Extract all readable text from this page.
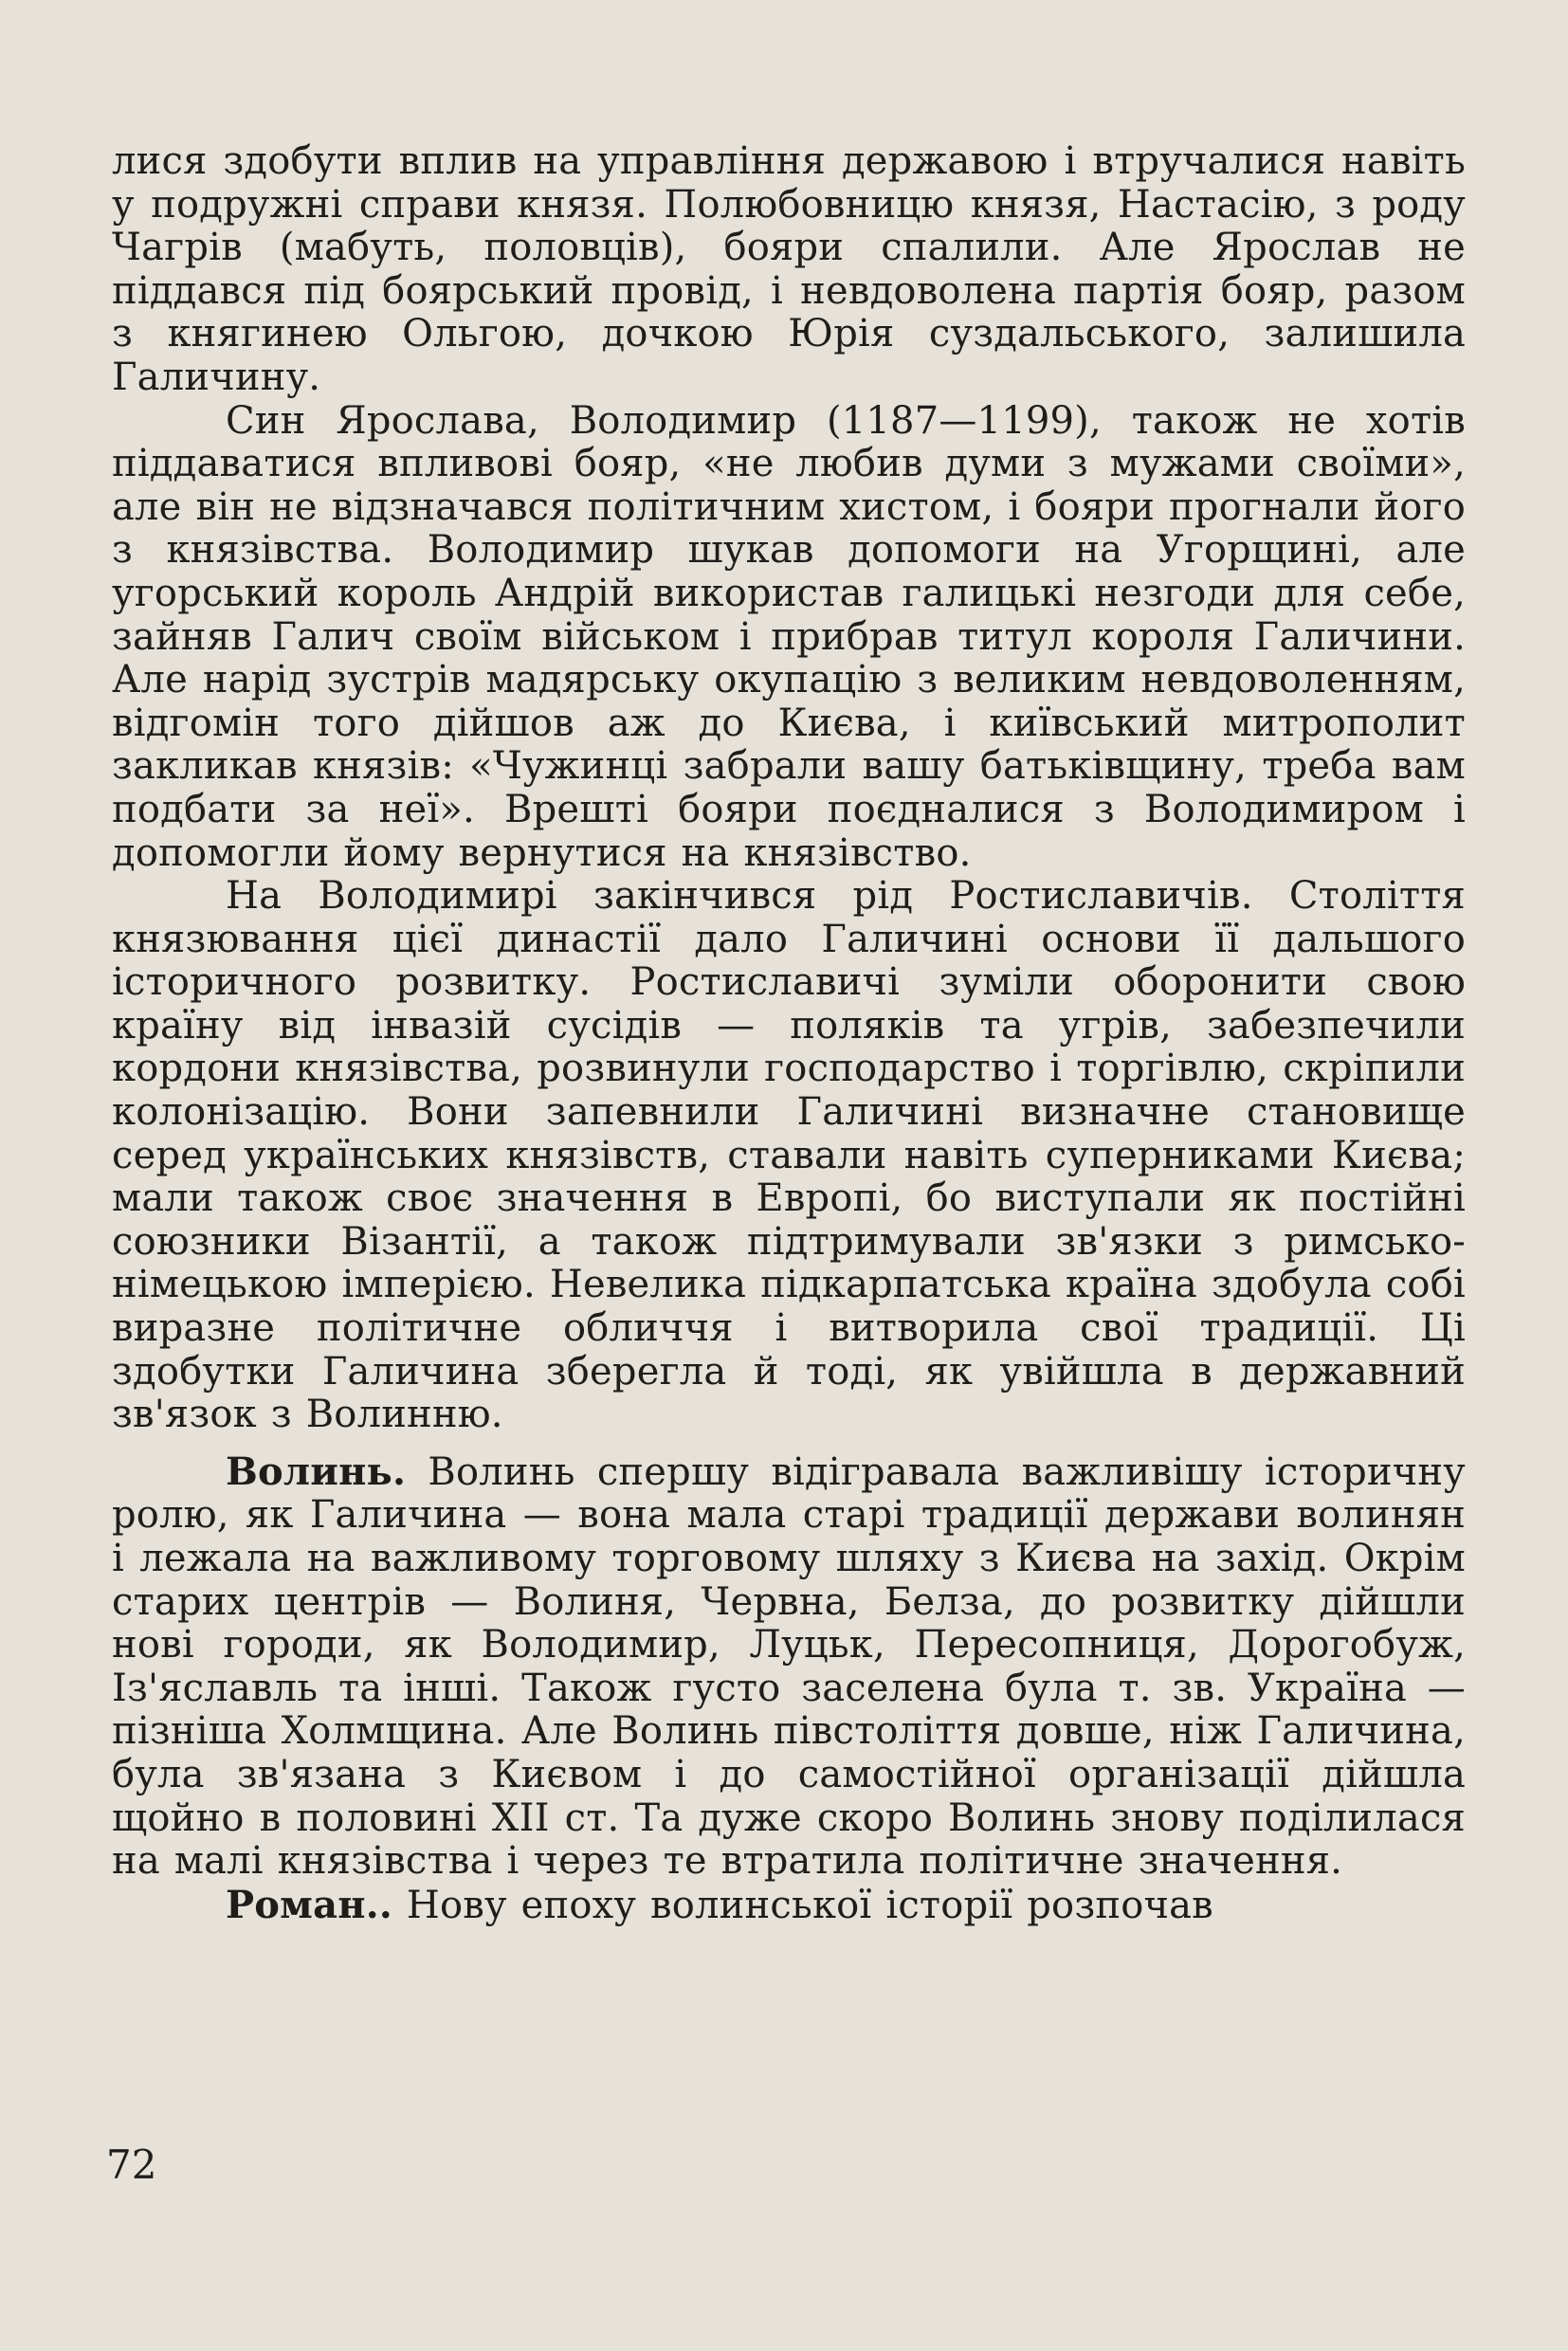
лися здобути вплив на управління державою і втручалися навіть у подружні справи князя. Полюбовницю князя, Настасію, з роду Чагрів (мабуть, половців), бояри спалили. Але Ярослав не піддався під боярський провід, і невдоволена партія бояр, разом з княгинею Ольгою, дочкою Юрія суздальського, залишила Галичину.

Син Ярослава, Володимир (1187—1199), також не хотів піддаватися впливові бояр, «не любив думи з мужами своїми», але він не відзначався політичним хистом, і бояри прогнали його з князівства. Володимир шукав допомоги на Угорщині, але угорський король Андрій використав галицькі незгоди для себе, зайняв Галич своїм військом і прибрав титул короля Галичини. Але нарід зустрів мадярську окупацію з великим невдоволенням, відгомін того дійшов аж до Києва, і київський митрополит закликав князів: «Чужинці забрали вашу батьківщину, треба вам подбати за неї». Врешті бояри поєдналися з Володимиром і допомогли йому вернутися на князівство.

На Володимирі закінчився рід Ростиславичів. Століття князювання цієї династії дало Галичині основи її дальшого історичного розвитку. Ростиславичі зуміли оборонити свою країну від інвазій сусідів — поляків та угрів, забезпечили кордони князівства, розвинули господарство і торгівлю, скріпили колонізацію. Вони запевнили Галичині визначне становище серед українських князівств, ставали навіть суперниками Києва; мали також своє значення в Европі, бо виступали як постійні союзники Візантії, а також підтримували зв'язки з римсько-німецькою імперією. Невелика підкарпатська країна здобула собі виразне політичне обличчя і витворила свої традиції. Ці здобутки Галичина зберегла й тоді, як увійшла в державний зв'язок з Волинню.

Волинь. Волинь спершу відігравала важливішу історичну ролю, як Галичина — вона мала старі традиції держави волинян і лежала на важливому торговому шляху з Києва на захід. Окрім старих центрів — Волиня, Червна, Белза, до розвитку дійшли нові городи, як Володимир, Луцьк, Пересопниця, Дорогобуж, Із'яславль та інші. Також густо заселена була т. зв. Україна — пізніша Холмщина. Але Волинь півстоліття довше, ніж Галичина, була зв'язана з Києвом і до самостійної організації дійшла щойно в половині XII ст. Та дуже скоро Волинь знову поділилася на малі князівства і через те втратила політичне значення.

Роман.. Нову епоху волинської історії розпочав

72
